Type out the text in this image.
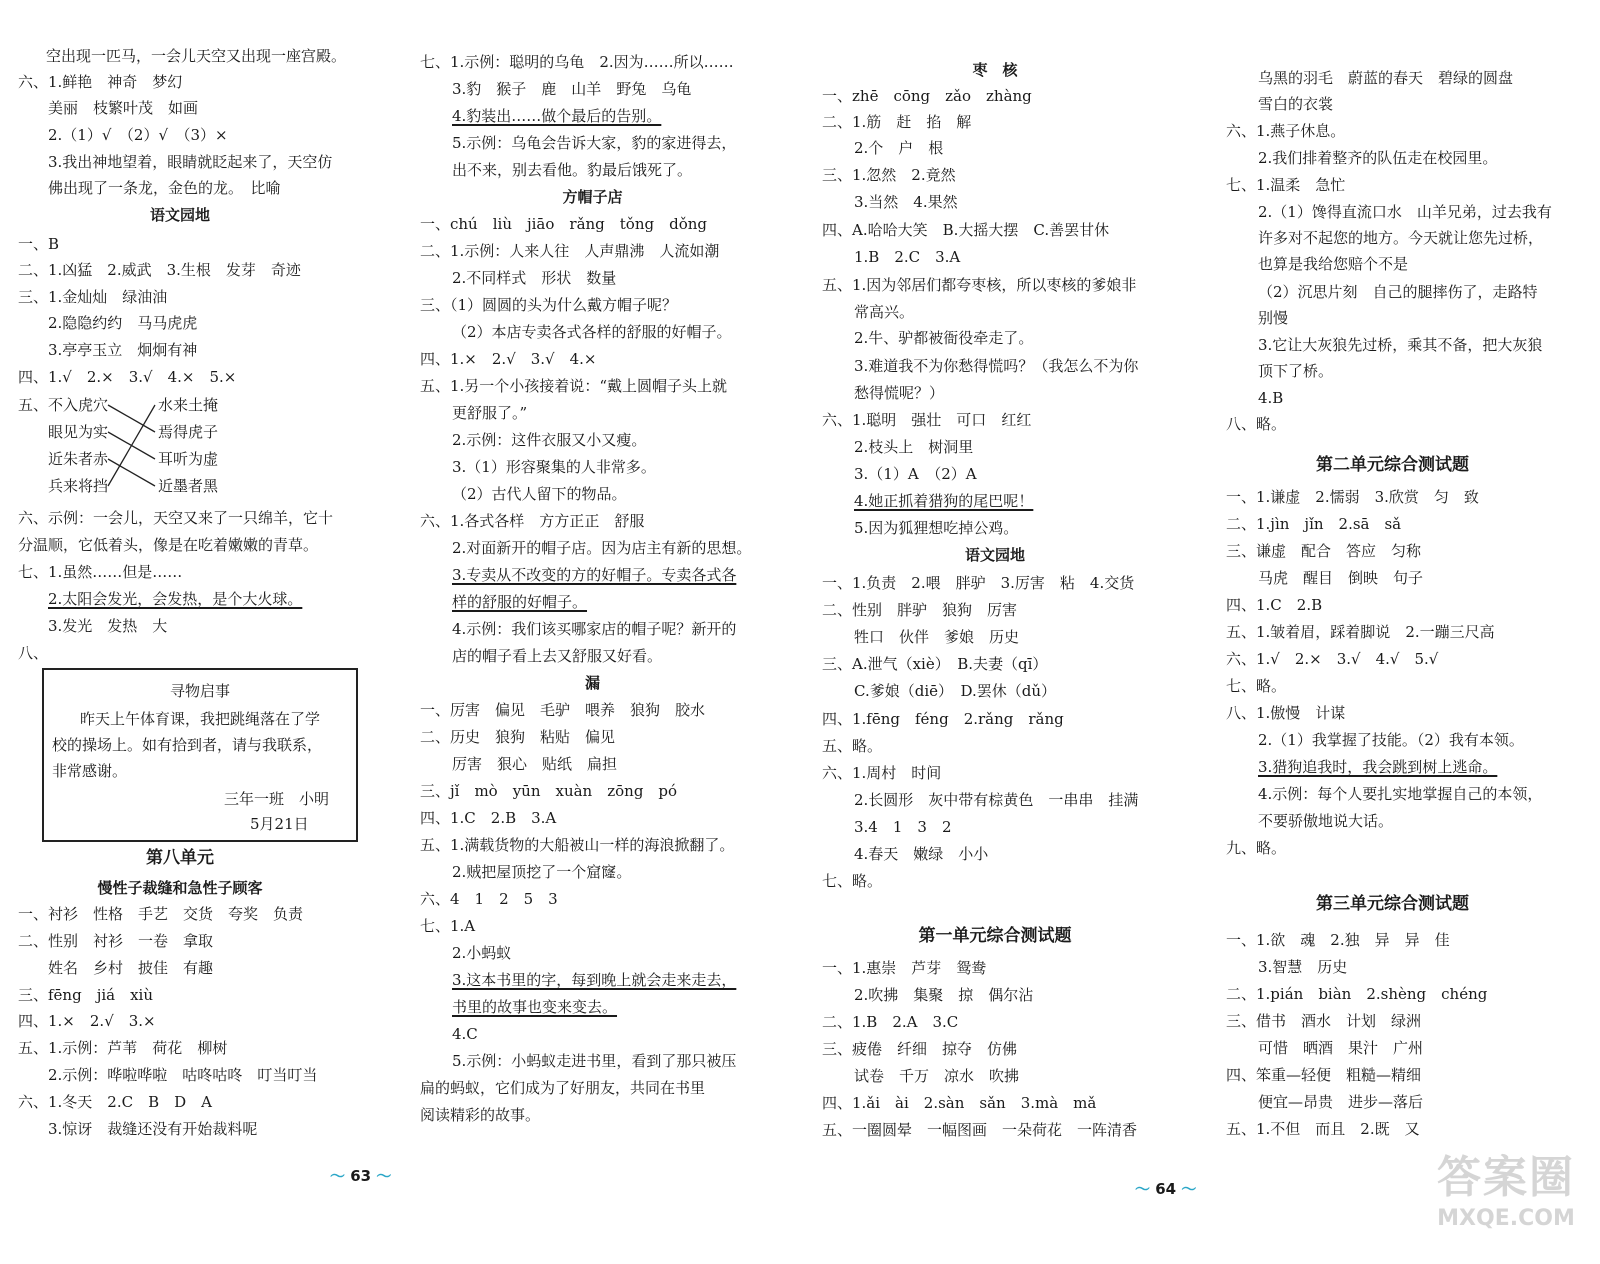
空出现一匹马，一会儿天空又出现一座宫殿。
六、1.鲜艳　神奇　梦幻
美丽　枝繁叶茂　如画
2.（1）√　（2）√　（3）×
3.我出神地望着，眼睛就眨起来了，天空仿
佛出现了一条龙，金色的龙。　比喻
语文园地
一、B
二、1.凶猛　2.威武　3.生根　发芽　奇迹
三、1.金灿灿　绿油油
2.隐隐约约　马马虎虎
3.亭亭玉立　炯炯有神
四、1.√　2.×　3.√　4.×　5.×
五、不入虎穴
眼见为实
近朱者赤
兵来将挡
水来土掩
焉得虎子
耳听为虚
近墨者黑
六、示例：一会儿，天空又来了一只绵羊，它十
分温顺，它低着头，像是在吃着嫩嫩的青草。
七、1.虽然……但是……
2.太阳会发光，会发热，是个大火球。
3.发光　发热　大
八、
寻物启事
昨天上午体育课，我把跳绳落在了学
校的操场上。如有拾到者，请与我联系，
非常感谢。
三年一班　小明
5月21日
第八单元
慢性子裁缝和急性子顾客
一、衬衫　性格　手艺　交货　夸奖　负责
二、性别　衬衫　一卷　拿取
姓名　乡村　披佳　有趣
三、fēng　jiá　xiù
四、1.×　2.√　3.×
五、1.示例：芦苇　荷花　柳树
2.示例：哗啦哗啦　咕咚咕咚　叮当叮当
六、1.冬天　2.C　B　D　A
3.惊讶　裁缝还没有开始裁料呢
七、1.示例：聪明的乌龟　2.因为……所以……
3.豹　猴子　鹿　山羊　野兔　乌龟
4.豹装出……做个最后的告别。
5.示例：乌龟会告诉大家，豹的家进得去，
出不来，别去看他。豹最后饿死了。
方帽子店
一、chú　liù　jiāo　rǎng　tǒng　dǒng
二、1.示例：人来人往　人声鼎沸　人流如潮
2.不同样式　形状　数量
三、（1）圆圆的头为什么戴方帽子呢？
（2）本店专卖各式各样的舒服的好帽子。
四、1.×　2.√　3.√　4.×
五、1.另一个小孩接着说：“戴上圆帽子头上就
更舒服了。”
2.示例：这件衣服又小又瘦。
3.（1）形容聚集的人非常多。
（2）古代人留下的物品。
六、1.各式各样　方方正正　舒服
2.对面新开的帽子店。因为店主有新的思想。
3.专卖从不改变的方的好帽子。专卖各式各
样的舒服的好帽子。
4.示例：我们该买哪家店的帽子呢？新开的
店的帽子看上去又舒服又好看。
漏
一、厉害　偏见　毛驴　喂养　狼狗　胶水
二、历史　狼狗　粘贴　偏见
厉害　狠心　贴纸　扁担
三、jǐ　mò　yūn　xuàn　zōng　pó
四、1.C　2.B　3.A
五、1.满载货物的大船被山一样的海浪掀翻了。
2.贼把屋顶挖了一个窟窿。
六、4　1　2　5　3
七、1.A
2.小蚂蚁
3.这本书里的字，每到晚上就会走来走去，
书里的故事也变来变去。
4.C
5.示例：小蚂蚁走进书里，看到了那只被压
扁的蚂蚁，它们成为了好朋友，共同在书里
阅读精彩的故事。
枣　核
一、zhē　cōng　zǎo　zhàng
二、1.筋　赶　掐　解
2.个　户　根
三、1.忽然　2.竟然
3.当然　4.果然
四、A.哈哈大笑　B.大摇大摆　C.善罢甘休
1.B　2.C　3.A
五、1.因为邻居们都夸枣核，所以枣核的爹娘非
常高兴。
2.牛、驴都被衙役牵走了。
3.难道我不为你愁得慌吗？（我怎么不为你
愁得慌呢？）
六、1.聪明　强壮　可口　红红
2.枝头上　树洞里
3.（1）A　（2）A
4.她正抓着猎狗的尾巴呢！
5.因为狐狸想吃掉公鸡。
语文园地
一、1.负责　2.喂　胖驴　3.厉害　粘　4.交货
二、性别　胖驴　狼狗　厉害
牲口　伙伴　爹娘　历史
三、A.泄气（xiè）　B.夫妻（qī）
C.爹娘（diē）　D.罢休（dǔ）
四、1.fēng　féng　2.rǎng　rǎng
五、略。
六、1.周村　时间
2.长圆形　灰中带有棕黄色　一串串　挂满
3.4　1　3　2
4.春天　嫩绿　小小
七、略。
第一单元综合测试题
一、1.惠崇　芦芽　鸳鸯
2.吹拂　集聚　掠　偶尔沾
二、1.B　2.A　3.C
三、疲倦　纤细　掠夺　仿佛
试卷　千万　凉水　吹拂
四、1.ǎi　ài　2.sàn　sǎn　3.mà　mǎ
五、一圈圆晕　一幅图画　一朵荷花　一阵清香
乌黑的羽毛　蔚蓝的春天　碧绿的圆盘
雪白的衣裳
六、1.燕子休息。
2.我们排着整齐的队伍走在校园里。
七、1.温柔　急忙
2.（1）馋得直流口水　山羊兄弟，过去我有
许多对不起您的地方。今天就让您先过桥，
也算是我给您赔个不是
（2）沉思片刻　自己的腿摔伤了，走路特
别慢
3.它让大灰狼先过桥，乘其不备，把大灰狼
顶下了桥。
4.B
八、略。
第二单元综合测试题
一、1.谦虚　2.懦弱　3.欣赏　匀　致
二、1.jìn　jǐn　2.sā　sǎ
三、谦虚　配合　答应　匀称
马虎　醒目　倒映　句子
四、1.C　2.B
五、1.皱着眉，踩着脚说　2.一蹦三尺高
六、1.√　2.×　3.√　4.√　5.√
七、略。
八、1.傲慢　计谋
2.（1）我掌握了技能。（2）我有本领。
3.猎狗追我时，我会跳到树上逃命。
4.示例：每个人要扎实地掌握自己的本领，
不要骄傲地说大话。
九、略。
第三单元综合测试题
一、1.欲　魂　2.独　异　异　佳
3.智慧　历史
二、1.pián　biàn　2.shèng　chéng
三、借书　酒水　计划　绿洲
可惜　晒酒　果汁　广州
四、笨重—轻便　粗糙—精细
便宜—昂贵　进步—落后
五、1.不但　而且　2.既　又
〜 63 〜
〜 64 〜	答案圈
MXQE.COM
